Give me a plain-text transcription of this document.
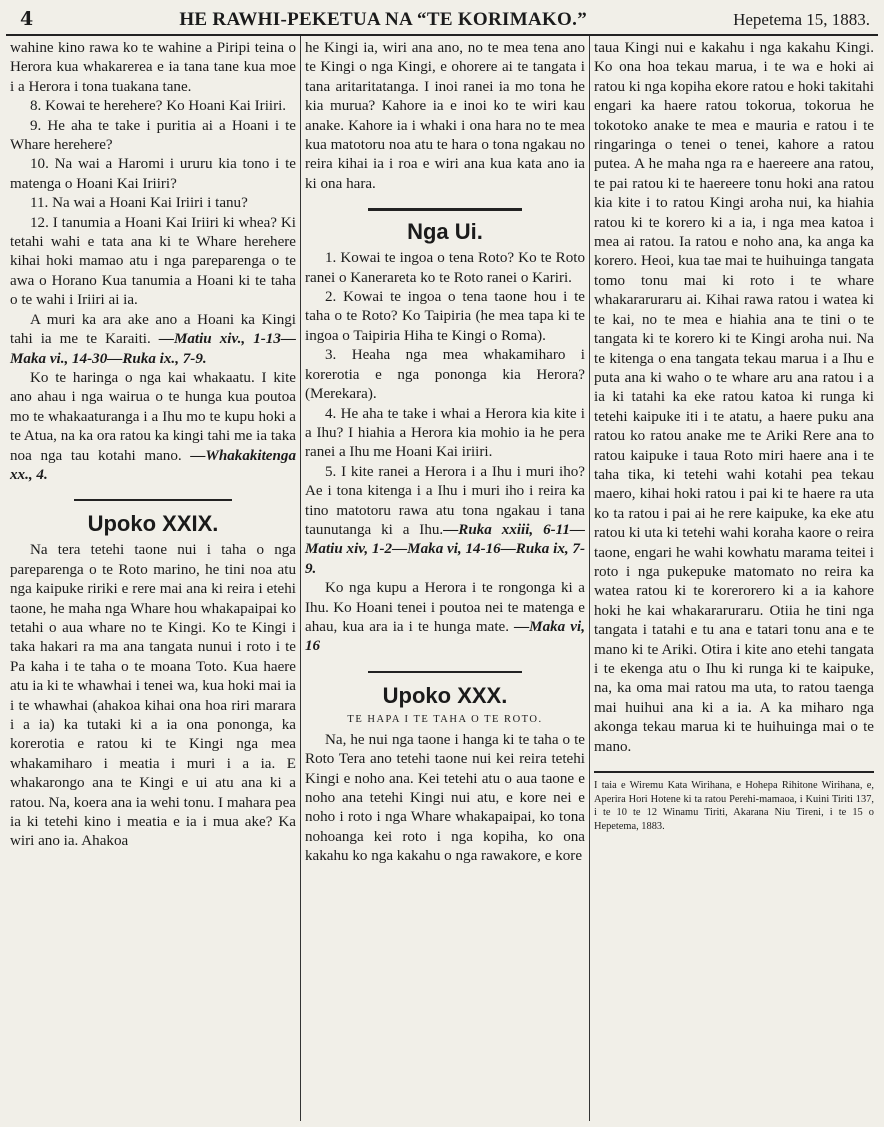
4	HE RAWHI-PEKETUA NA “TE KORIMAKO.”	Hepetema 15, 1883.

wahine kino rawa ko te wahine a Piripi teina o Herora kua whakarerea e ia tana tane kua moe i a Herora i tona tuakana tane.

8. Kowai te herehere? Ko Hoani Kai Iriiri.

9. He aha te take i puritia ai a Hoani i te Whare herehere?

10. Na wai a Haromi i ururu kia tono i te matenga o Hoani Kai Iriiri?

11. Na wai a Hoani Kai Iriiri i tanu?

12. I tanumia a Hoani Kai Iriiri ki whea? Ki tetahi wahi e tata ana ki te Whare herehere kihai hoki mamao atu i nga pareparenga o te awa o Horano Kua tanumia a Hoani ki te taha o te wahi i Iriiri ai ia.

A muri ka ara ake ano a Hoani ka Kingi tahi ia me te Karaiti. —Matiu xiv., 1-13—Maka vi., 14-30—Ruka ix., 7-9.

Ko te haringa o nga kai whakaatu. I kite ano ahau i nga wairua o te hunga kua poutoa mo te whakaaturanga i a Ihu mo te kupu hoki a te Atua, na ka ora ratou ka kingi tahi me ia taka noa nga tau kotahi mano. —Whakakitenga xx., 4.

Upoko XXIX.

Na tera tetehi taone nui i taha o nga pareparenga o te Roto marino, he tini noa atu nga kaipuke ririki e rere mai ana ki reira i etehi taone, he maha nga Whare hou whakapaipai ko tetahi o aua whare no te Kingi. Ko te Kingi i taka hakari ra ma ana tangata nunui i roto i te Pa kaha i te taha o te moana Toto. Kua haere atu ia ki te whawhai i tenei wa, kua hoki mai ia i te whawhai (ahakoa kihai ona hoa riri marara i a ia) ka tutaki ki a ia ona pononga, ka korerotia e ratou ki te Kingi nga mea whakamiharo i meatia i muri i a ia. E whakarongo ana te Kingi e ui atu ana ki a ratou. Na, koera ana ia wehi tonu. I mahara pea ia ki tetehi kino i meatia e ia i mua ake? Ka wiri ano ia. Ahakoa

he Kingi ia, wiri ana ano, no te mea tena ano te Kingi o nga Kingi, e ohorere ai te tangata i tana aritaritatanga. I inoi ranei ia mo tona he kia murua? Kahore ia e inoi ko te wiri kau anake. Kahore ia i whaki i ona hara no te mea kua matotoru noa atu te hara o tona ngakau no reira kihai ia i roa e wiri ana kua kata ano ia ki ona hara.

Nga Ui.

1. Kowai te ingoa o tena Roto? Ko te Roto ranei o Kanerareta ko te Roto ranei o Kariri.

2. Kowai te ingoa o tena taone hou i te taha o te Roto? Ko Taipiria (he mea tapa ki te ingoa o Taipiria Hiha te Kingi o Roma).

3. Heaha nga mea whakamiharo i korerotia e nga pononga kia Herora? (Merekara).

4. He aha te take i whai a Herora kia kite i a Ihu? I hiahia a Herora kia mohio ia he pera ranei a Ihu me Hoani Kai iriiri.

5. I kite ranei a Herora i a Ihu i muri iho? Ae i tona kitenga i a Ihu i muri iho i reira ka tino matotoru rawa atu tona ngakau i tana taunutanga ki a Ihu.—Ruka xxiii, 6-11—Matiu xiv, 1-2—Maka vi, 14-16—Ruka ix, 7-9.

Ko nga kupu a Herora i te rongonga ki a Ihu. Ko Hoani tenei i poutoa nei te matenga e ahau, kua ara ia i te hunga mate. —Maka vi, 16

Upoko XXX.
TE HAPA I TE TAHA O TE ROTO.

Na, he nui nga taone i hanga ki te taha o te Roto Tera ano tetehi taone nui kei reira tetehi Kingi e noho ana. Kei tetehi atu o aua taone e noho ana tetehi Kingi nui atu, e kore nei e noho i roto i nga Whare whakapaipai, ko tona nohoanga kei roto i nga kopiha, ko ona kakahu ko nga kakahu o nga rawakore, e kore

taua Kingi nui e kakahu i nga kakahu Kingi. Ko ona hoa tekau marua, i te wa e hoki ai ratou ki nga kopiha ekore ratou e hoki takitahi engari ka haere ratou tokorua, tokorua he tokotoko anake te mea e mauria e ratou i te ringaringa o tenei o tenei, kahore a ratou putea. A he maha nga ra e haereere ana ratou, te pai ratou ki te haereere tonu hoki ana ratou kia kite i to ratou Kingi aroha nui, ka hiahia ratou ki te korero ki a ia, i nga mea katoa i mea ai ratou. Ia ratou e noho ana, ka anga ka korero. Heoi, kua tae mai te huihuinga tangata tomo tonu mai ki roto i te whare whakararuraru ai. Kihai rawa ratou i watea ki te kai, no te mea e hiahia ana te tini o te tangata ki te korero ki te Kingi aroha nui. Na te kitenga o ena tangata tekau marua i a Ihu e puta ana ki waho o te whare aru ana ratou i a ia ki tatahi ka eke ratou katoa ki runga ki tetehi kaipuke iti i te atatu, a haere puku ana ratou ko ratou anake me te Ariki Rere ana to ratou kaipuke i taua Roto miri haere ana i te taha tika, ki tetehi wahi kotahi pea tekau maero, kihai hoki ratou i pai ki te haere ra uta ko ta ratou i pai ai he rere kaipuke, ka eke atu ratou ki uta ki tetehi wahi koraha kaore o reira taone, engari he wahi kowhatu marama teitei i roto i nga pukepuke matomato no reira ka watea ratou ki te korerorero ki a ia kahore hoki he kai whakararuraru. Otiia he tini nga tangata i tatahi e tu ana e tatari tonu ana e te mano ki te Ariki. Otira i kite ano etehi tangata i te ekenga atu o Ihu ki runga ki te kaipuke, na, ka oma mai ratou ma uta, to ratou taenga mai huihui ana ki a ia. A ka miharo nga akonga tekau marua ki te huihuinga mai o te mano.

I taia e Wiremu Kata Wirihana, e Hohepa Rihitone Wirihana, e, Aperira Hori Hotene ki ta ratou Perehi-mamaoa, i Kuini Tiriti 137, i te 10 te 12 Winamu Tiriti, Akarana Niu Tireni, i te 15 o Hepetema, 1883.
